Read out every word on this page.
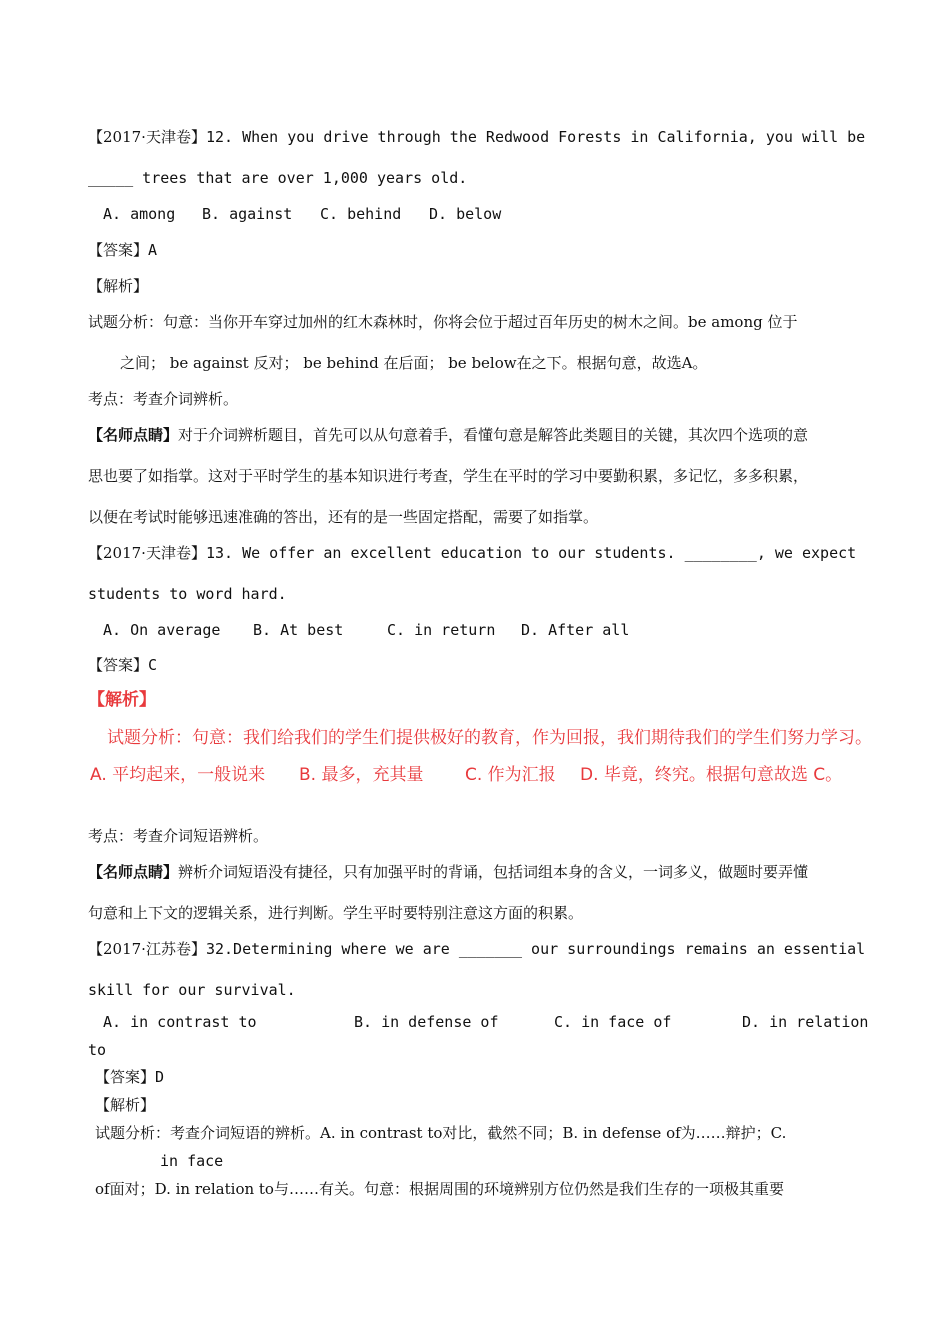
【2017·天津卷】12. When you drive through the Redwood Forests in California, you will be
_____ trees that are over 1,000 years old.
A. among B. against C. behind D. below
【答案】A
【解析】
试题分析：句意：当你开车穿过加州的红木森林时，你将会位于超过百年历史的树木之间。be among 位于
之间； be against 反对； be behind 在后面； be below在之下。根据句意，故选A。
考点：考查介词辨析。
【名师点睛】对于介词辨析题目，首先可以从句意着手，看懂句意是解答此类题目的关键，其次四个选项的意
思也要了如指掌。这对于平时学生的基本知识进行考查，学生在平时的学习中要勤积累，多记忆，多多积累，
以便在考试时能够迅速准确的答出，还有的是一些固定搭配，需要了如指掌。
【2017·天津卷】13. We offer an excellent education to our students. ________, we expect
students to word hard.
A. On average B. At best	C. in return D. After all
【答案】C
【解析】
试题分析：句意：我们给我们的学生们提供极好的教育，作为回报，我们期待我们的学生们努力学习。
A. 平均起来，一般说来 B. 最多，充其量 C. 作为汇报 D. 毕竟，终究。根据句意故选 C。
考点：考查介词短语辨析。
【名师点睛】辨析介词短语没有捷径，只有加强平时的背诵，包括词组本身的含义，一词多义，做题时要弄懂
句意和上下文的逻辑关系，进行判断。学生平时要特别注意这方面的积累。
【2017·江苏卷】32.Determining where we are _______ our surroundings remains an essential
skill for our survival.
A. in contrast to	B. in defense of	C. in face of	D. in relation
to
【答案】D
【解析】
试题分析：考查介词短语的辨析。A. in contrast to对比，截然不同；B. in defense of为……辩护；C.
in face
of面对；D. in relation to与……有关。句意：根据周围的环境辨别方位仍然是我们生存的一项极其重要
